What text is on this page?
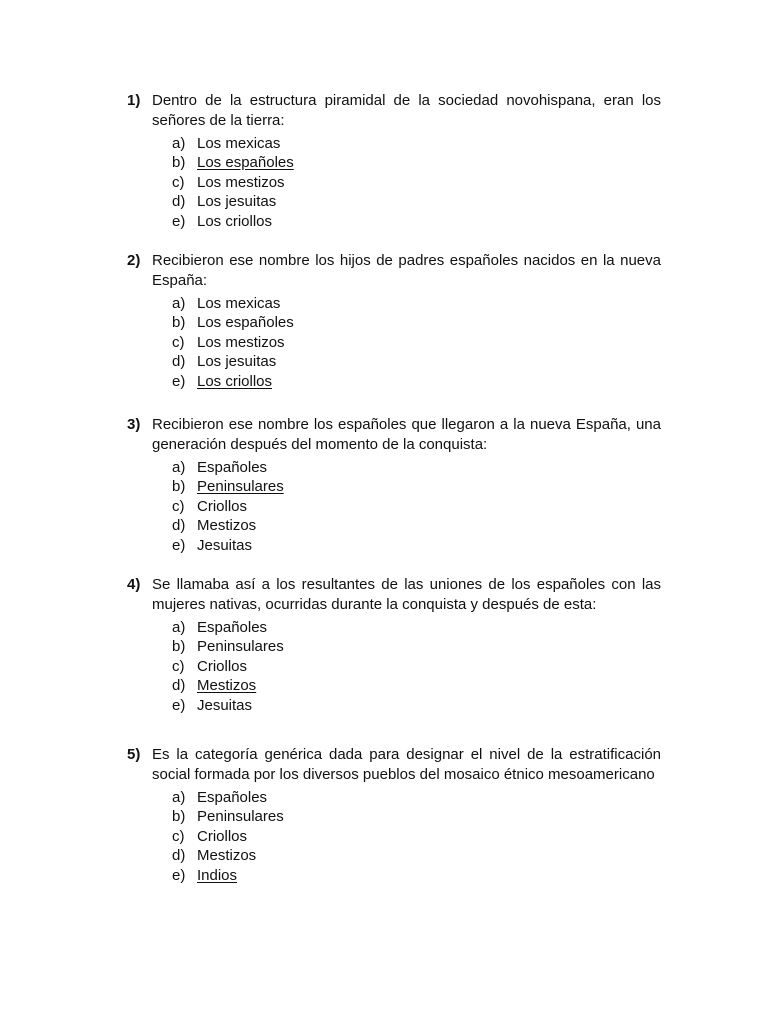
1) Dentro de la estructura piramidal de la sociedad novohispana, eran los señores de la tierra:
a) Los mexicas
b) Los españoles
c) Los mestizos
d) Los jesuitas
e) Los criollos
2) Recibieron ese nombre los hijos de padres españoles nacidos en la nueva España:
a) Los mexicas
b) Los españoles
c) Los mestizos
d) Los jesuitas
e) Los criollos
3) Recibieron ese nombre los españoles que llegaron a la nueva España, una generación después del momento de la conquista:
a) Españoles
b) Peninsulares
c) Criollos
d) Mestizos
e) Jesuitas
4) Se llamaba así a los resultantes de las uniones de los españoles con las mujeres nativas, ocurridas durante la conquista y después de esta:
a) Españoles
b) Peninsulares
c) Criollos
d) Mestizos
e) Jesuitas
5) Es la categoría genérica dada para designar el nivel de la estratificación social formada por los diversos pueblos del mosaico étnico mesoamericano
a) Españoles
b) Peninsulares
c) Criollos
d) Mestizos
e) Indios
